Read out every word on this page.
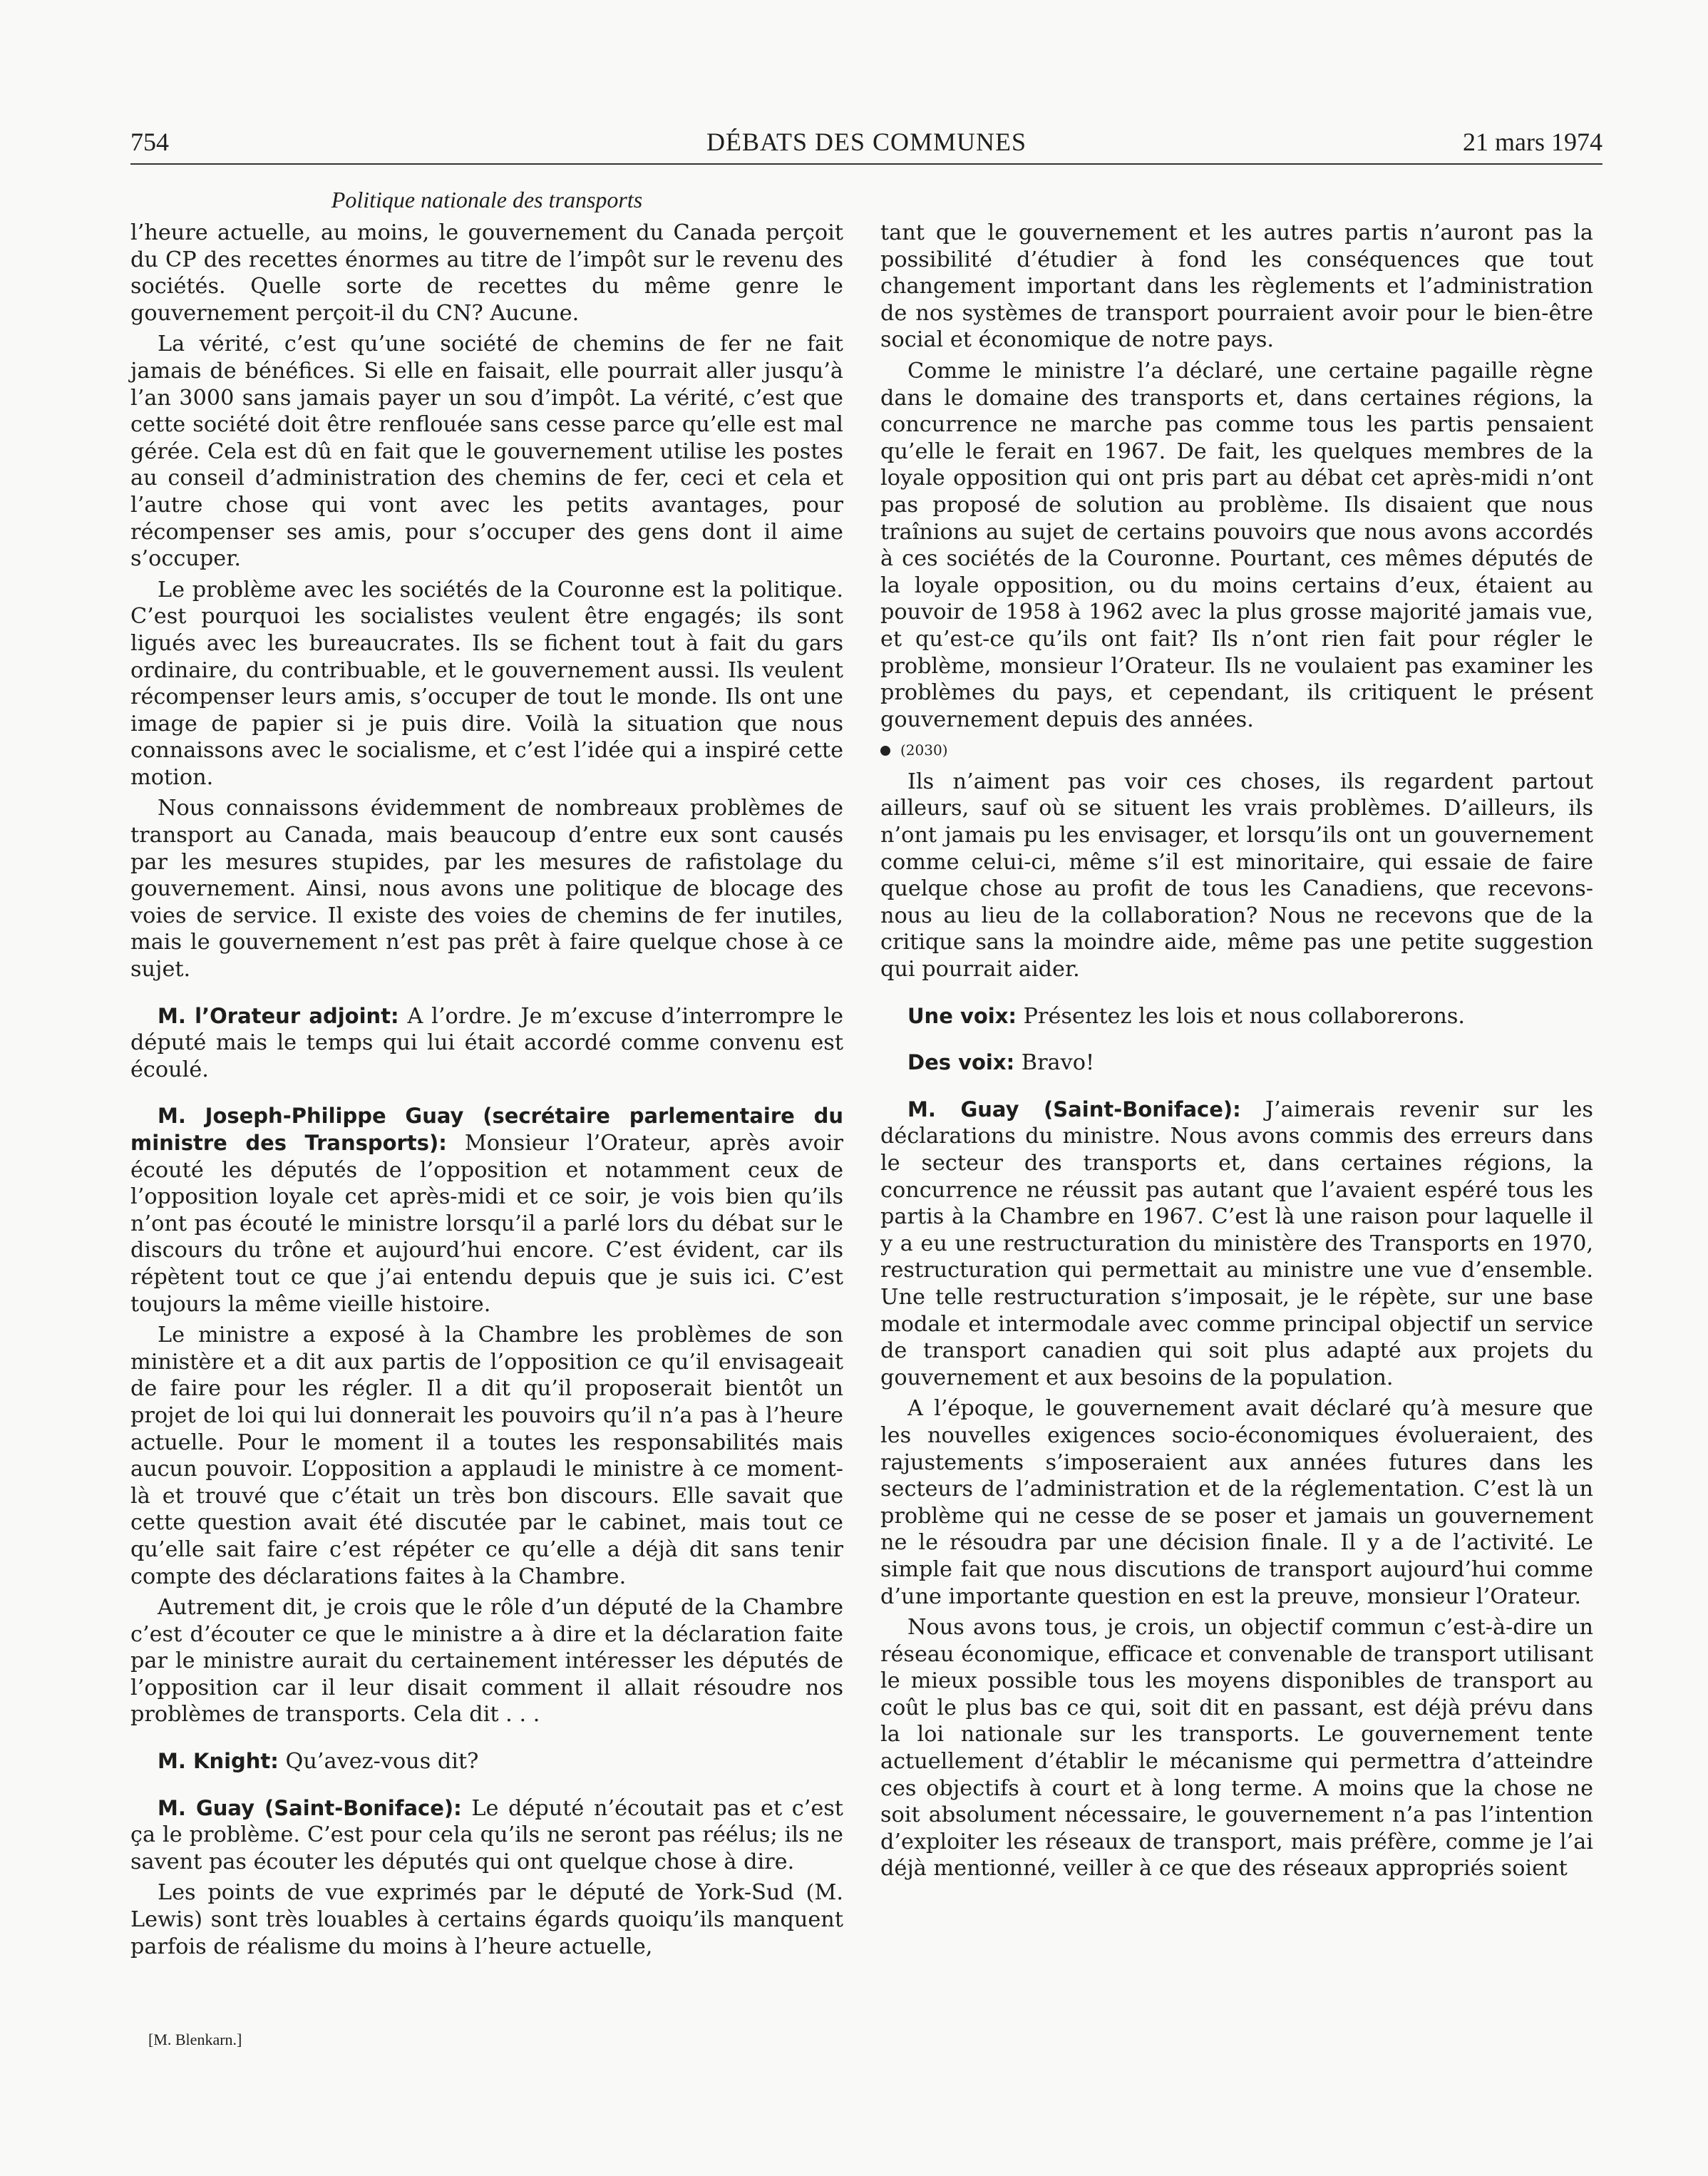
754	DÉBATS DES COMMUNES	21 mars 1974
Politique nationale des transports

l’heure actuelle, au moins, le gouvernement du Canada perçoit du CP des recettes énormes au titre de l’impôt sur le revenu des sociétés. Quelle sorte de recettes du même genre le gouvernement perçoit-il du CN? Aucune.

La vérité, c’est qu’une société de chemins de fer ne fait jamais de bénéfices. Si elle en faisait, elle pourrait aller jusqu’à l’an 3000 sans jamais payer un sou d’impôt. La vérité, c’est que cette société doit être renflouée sans cesse parce qu’elle est mal gérée. Cela est dû en fait que le gouvernement utilise les postes au conseil d’administration des chemins de fer, ceci et cela et l’autre chose qui vont avec les petits avantages, pour récompenser ses amis, pour s’occuper des gens dont il aime s’occuper.

Le problème avec les sociétés de la Couronne est la politique. C’est pourquoi les socialistes veulent être engagés; ils sont ligués avec les bureaucrates. Ils se fichent tout à fait du gars ordinaire, du contribuable, et le gouvernement aussi. Ils veulent récompenser leurs amis, s’occuper de tout le monde. Ils ont une image de papier si je puis dire. Voilà la situation que nous connaissons avec le socialisme, et c’est l’idée qui a inspiré cette motion.

Nous connaissons évidemment de nombreaux problèmes de transport au Canada, mais beaucoup d’entre eux sont causés par les mesures stupides, par les mesures de rafistolage du gouvernement. Ainsi, nous avons une politique de blocage des voies de service. Il existe des voies de chemins de fer inutiles, mais le gouvernement n’est pas prêt à faire quelque chose à ce sujet.

M. l’Orateur adjoint: A l’ordre. Je m’excuse d’interrompre le député mais le temps qui lui était accordé comme convenu est écoulé.

M. Joseph-Philippe Guay (secrétaire parlementaire du ministre des Transports): Monsieur l’Orateur, après avoir écouté les députés de l’opposition et notamment ceux de l’opposition loyale cet après-midi et ce soir, je vois bien qu’ils n’ont pas écouté le ministre lorsqu’il a parlé lors du débat sur le discours du trône et aujourd’hui encore. C’est évident, car ils répètent tout ce que j’ai entendu depuis que je suis ici. C’est toujours la même vieille histoire.

Le ministre a exposé à la Chambre les problèmes de son ministère et a dit aux partis de l’opposition ce qu’il envisageait de faire pour les régler. Il a dit qu’il proposerait bientôt un projet de loi qui lui donnerait les pouvoirs qu’il n’a pas à l’heure actuelle. Pour le moment il a toutes les responsabilités mais aucun pouvoir. L’opposition a applaudi le ministre à ce moment-là et trouvé que c’était un très bon discours. Elle savait que cette question avait été discutée par le cabinet, mais tout ce qu’elle sait faire c’est répéter ce qu’elle a déjà dit sans tenir compte des déclarations faites à la Chambre.

Autrement dit, je crois que le rôle d’un député de la Chambre c’est d’écouter ce que le ministre a à dire et la déclaration faite par le ministre aurait du certainement intéresser les députés de l’opposition car il leur disait comment il allait résoudre nos problèmes de transports. Cela dit . . .

M. Knight: Qu’avez-vous dit?

M. Guay (Saint-Boniface): Le député n’écoutait pas et c’est ça le problème. C’est pour cela qu’ils ne seront pas réélus; ils ne savent pas écouter les députés qui ont quelque chose à dire.

Les points de vue exprimés par le député de York-Sud (M. Lewis) sont très louables à certains égards quoiqu’ils manquent parfois de réalisme du moins à l’heure actuelle,

tant que le gouvernement et les autres partis n’auront pas la possibilité d’étudier à fond les conséquences que tout changement important dans les règlements et l’administration de nos systèmes de transport pourraient avoir pour le bien-être social et économique de notre pays.

Comme le ministre l’a déclaré, une certaine pagaille règne dans le domaine des transports et, dans certaines régions, la concurrence ne marche pas comme tous les partis pensaient qu’elle le ferait en 1967. De fait, les quelques membres de la loyale opposition qui ont pris part au débat cet après-midi n’ont pas proposé de solution au problème. Ils disaient que nous traînions au sujet de certains pouvoirs que nous avons accordés à ces sociétés de la Couronne. Pourtant, ces mêmes députés de la loyale opposition, ou du moins certains d’eux, étaient au pouvoir de 1958 à 1962 avec la plus grosse majorité jamais vue, et qu’est-ce qu’ils ont fait? Ils n’ont rien fait pour régler le problème, monsieur l’Orateur. Ils ne voulaient pas examiner les problèmes du pays, et cependant, ils critiquent le présent gouvernement depuis des années.

(2030)

Ils n’aiment pas voir ces choses, ils regardent partout ailleurs, sauf où se situent les vrais problèmes. D’ailleurs, ils n’ont jamais pu les envisager, et lorsqu’ils ont un gouvernement comme celui-ci, même s’il est minoritaire, qui essaie de faire quelque chose au profit de tous les Canadiens, que recevons-nous au lieu de la collaboration? Nous ne recevons que de la critique sans la moindre aide, même pas une petite suggestion qui pourrait aider.

Une voix: Présentez les lois et nous collaborerons.

Des voix: Bravo!

M. Guay (Saint-Boniface): J’aimerais revenir sur les déclarations du ministre. Nous avons commis des erreurs dans le secteur des transports et, dans certaines régions, la concurrence ne réussit pas autant que l’avaient espéré tous les partis à la Chambre en 1967. C’est là une raison pour laquelle il y a eu une restructuration du ministère des Transports en 1970, restructuration qui permettait au ministre une vue d’ensemble. Une telle restructuration s’imposait, je le répète, sur une base modale et intermodale avec comme principal objectif un service de transport canadien qui soit plus adapté aux projets du gouvernement et aux besoins de la population.

A l’époque, le gouvernement avait déclaré qu’à mesure que les nouvelles exigences socio-économiques évolueraient, des rajustements s’imposeraient aux années futures dans les secteurs de l’administration et de la réglementation. C’est là un problème qui ne cesse de se poser et jamais un gouvernement ne le résoudra par une décision finale. Il y a de l’activité. Le simple fait que nous discutions de transport aujourd’hui comme d’une importante question en est la preuve, monsieur l’Orateur.

Nous avons tous, je crois, un objectif commun c’est-à-dire un réseau économique, efficace et convenable de transport utilisant le mieux possible tous les moyens disponibles de transport au coût le plus bas ce qui, soit dit en passant, est déjà prévu dans la loi nationale sur les transports. Le gouvernement tente actuellement d’établir le mécanisme qui permettra d’atteindre ces objectifs à court et à long terme. A moins que la chose ne soit absolument nécessaire, le gouvernement n’a pas l’intention d’exploiter les réseaux de transport, mais préfère, comme je l’ai déjà mentionné, veiller à ce que des réseaux appropriés soient

[M. Blenkarn.]
